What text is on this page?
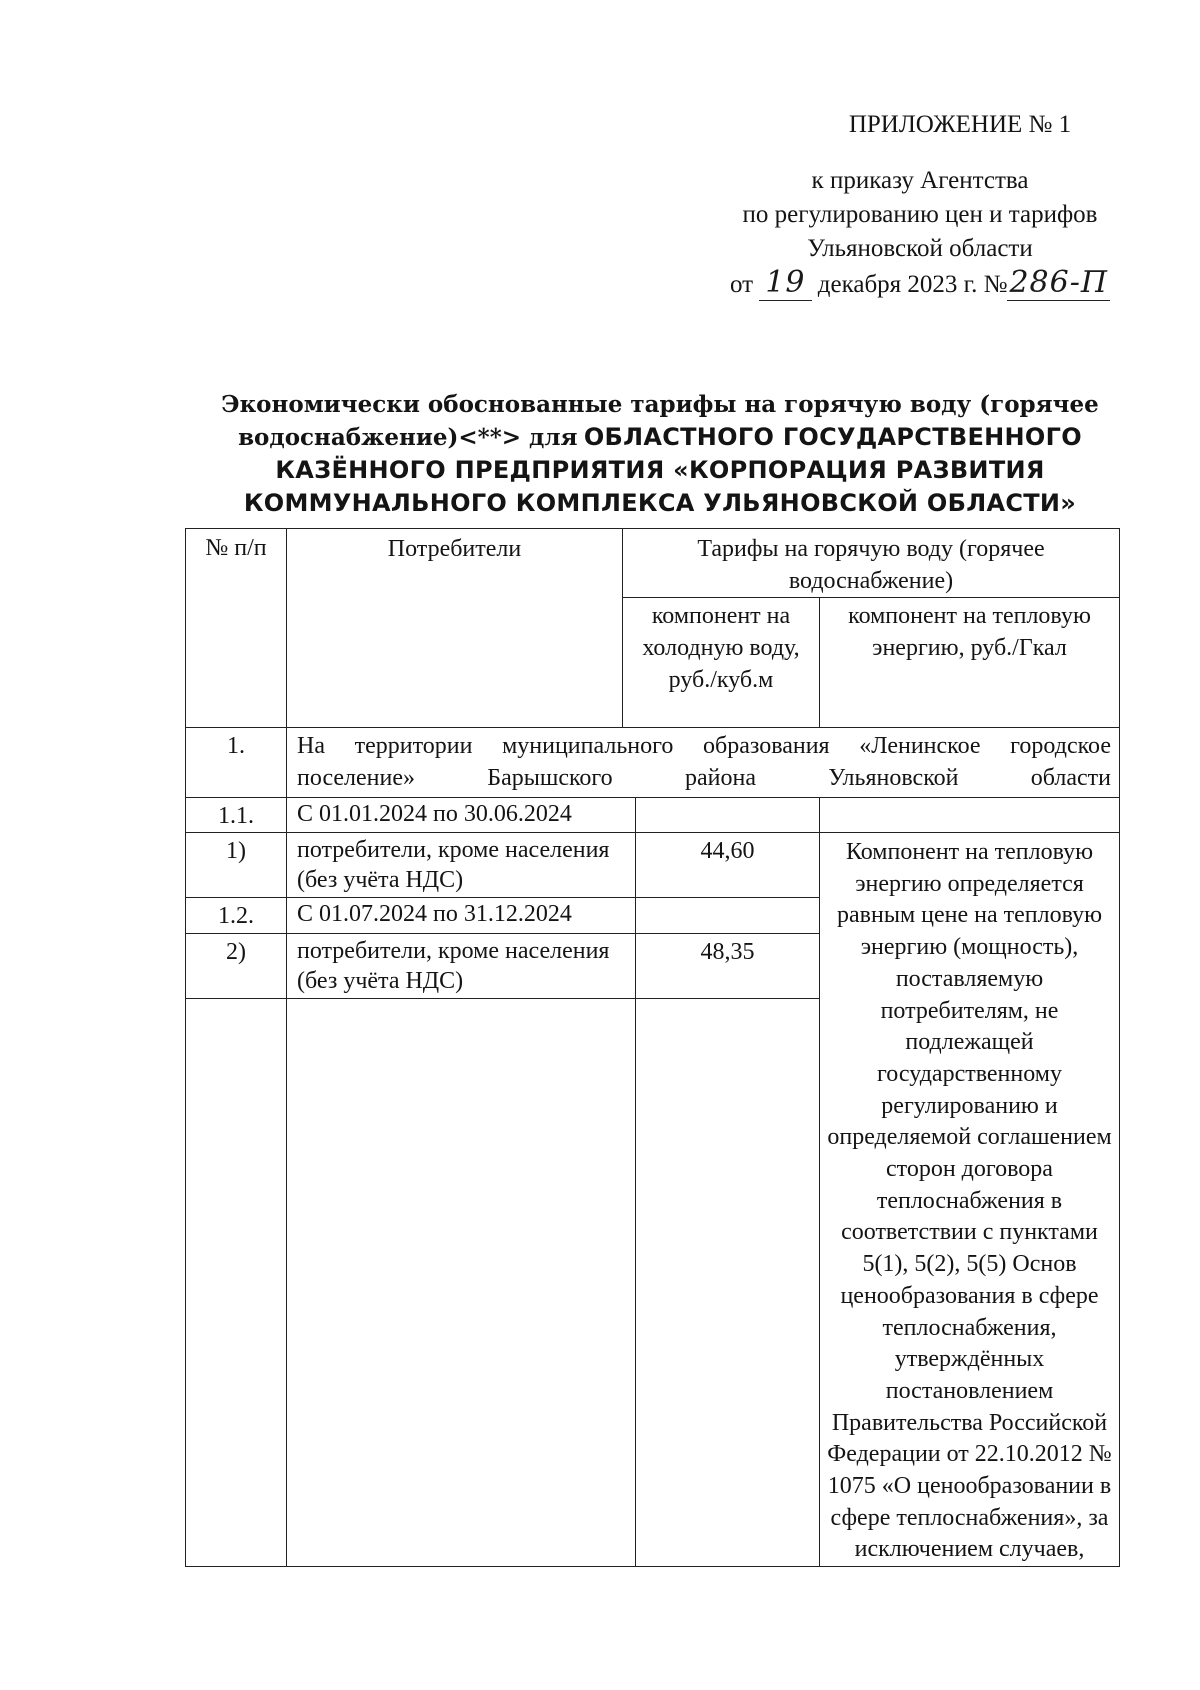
ПРИЛОЖЕНИЕ № 1
к приказу Агентства
по регулированию цен и тарифов
Ульяновской области
от 19 декабря 2023 г. №286-П
Экономически обоснованные тарифы на горячую воду (горячее водоснабжение)<**> для ОБЛАСТНОГО ГОСУДАРСТВЕННОГО КАЗЁННОГО ПРЕДПРИЯТИЯ «КОРПОРАЦИЯ РАЗВИТИЯ КОММУНАЛЬНОГО КОМПЛЕКСА УЛЬЯНОВСКОЙ ОБЛАСТИ»
№ п/п	Потребители	Тарифы на горячую воду (горячее водоснабжение)		
		компонент на холодную воду, руб./куб.м		компонент на тепловую энергию, руб./Гкал
1.	На территории муниципального образования «Ленинское городское поселение» Барышского района Ульяновской области			
1.1.	С 01.01.2024 по 30.06.2024			
1)	потребители, кроме населения (без учёта НДС)		44,60	Компонент на тепловую энергию определяется равным цене на тепловую энергию (мощность), поставляемую потребителям, не подлежащей государственному регулированию и определяемой соглашением сторон договора теплоснабжения в соответствии с пунктами 5(1), 5(2), 5(5) Основ ценообразования в сфере теплоснабжения, утверждённых постановлением Правительства Российской Федерации от 22.10.2012 № 1075 «О ценообразовании в сфере теплоснабжения», за исключением случаев,
1.2.	С 01.07.2024 по 31.12.2024			
2)	потребители, кроме населения (без учёта НДС)		48,35	
